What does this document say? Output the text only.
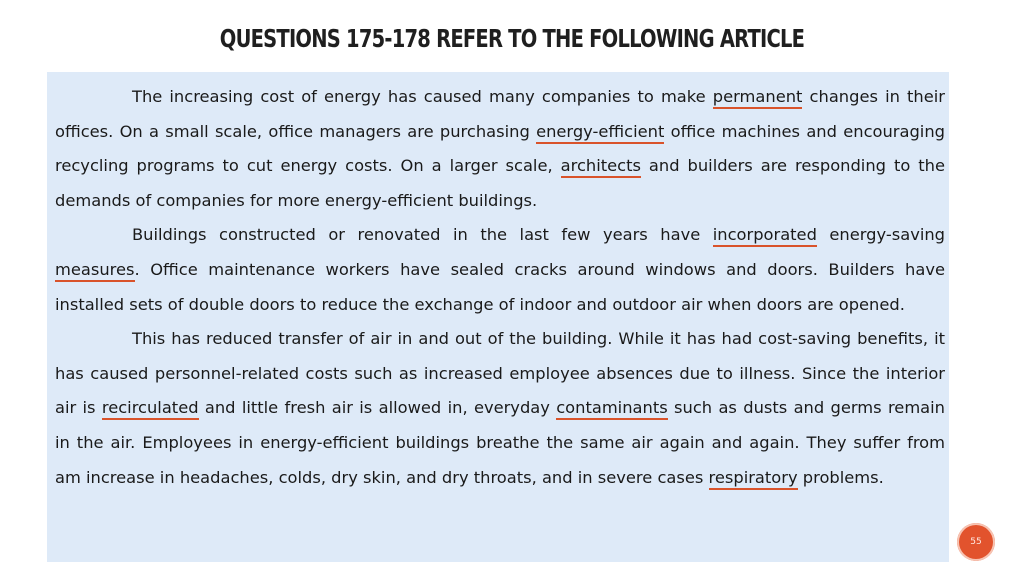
QUESTIONS 175-178 REFER TO THE FOLLOWING ARTICLE

The increasing cost of energy has caused many companies to make permanent changes in their offices. On a small scale, office managers are purchasing energy-efficient office machines and encouraging recycling programs to cut energy costs. On a larger scale, architects and builders are responding to the demands of companies for more energy-efficient buildings.

Buildings constructed or renovated in the last few years have incorporated energy-saving measures. Office maintenance workers have sealed cracks around windows and doors. Builders have installed sets of double doors to reduce the exchange of indoor and outdoor air when doors are opened.

This has reduced transfer of air in and out of the building. While it has had cost-saving benefits, it has caused personnel-related costs such as increased employee absences due to illness. Since the interior air is recirculated and little fresh air is allowed in, everyday contaminants such as dusts and germs remain in the air. Employees in energy-efficient buildings breathe the same air again and again. They suffer from am increase in headaches, colds, dry skin, and dry throats, and in severe cases respiratory problems.

55
